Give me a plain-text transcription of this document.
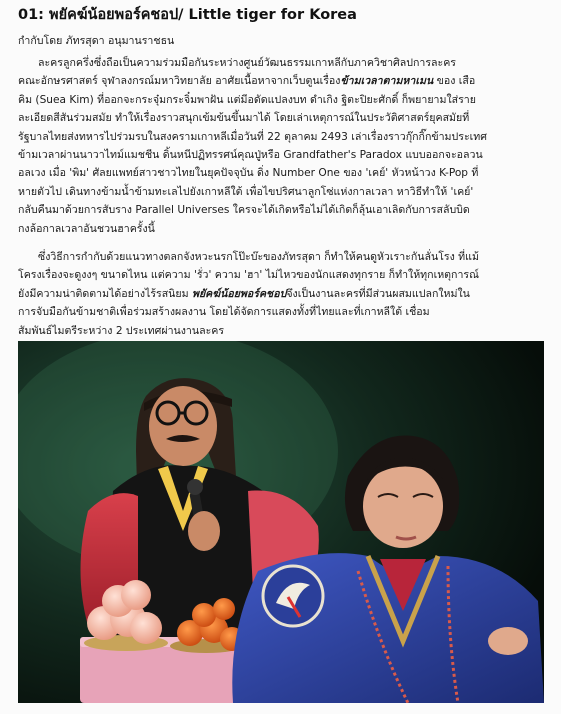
01: พยัคฆ์น้อยพอร์คชอป/ Little tiger for Korea
กำกับโดย ภัทรสุดา อนุมานราชธน

ละครลูกครึ่งซึ่งถือเป็นความร่วมมือกันระหว่างศูนย์วัฒนธรรมเกาหลีกับภาควิชาศิลปการละคร
คณะอักษรศาสตร์ จุฬาลงกรณ์มหาวิทยาลัย อาศัยเนื้อหาจากเว็บตูนเรื่องข้ามเวลาตามหาเมน ของ เสือ
คิม (Suea Kim) ที่ออกจะกระจุ๋มกระจิ๋มพาฝัน แต่มีอดัดแปลงบท ดำเกิง ฐิตะปิยะศักดิ์ ก็พยายามใส่ราย
ละเอียดสีสันร่วมสมัย ทำให้เรื่องราวสนุกเข้มข้นขึ้นมาได้ โดยเล่าเหตุการณ์ในประวัติศาสตร์ยุคสมัยที่
รัฐบาลไทยส่งทหารไปร่วมรบในสงครามเกาหลีเมื่อวันที่ 22 ตุลาคม 2493 เล่าเรื่องราวกุ๊กกิ๊กข้ามประเทศ
ข้ามเวลาผ่านนาวาไทม์แมชชีน ดิ้นหนีปฏิทรรศน์คุณปู่หรือ Grandfather's Paradox แบบออกจะอลวน
อลเวง เมื่อ 'พิม' ศัลยแพทย์สาวชาวไทยในยุคปัจจุบัน ดิ่ง Number One ของ 'เคย์' หัวหน้าวง K-Pop ที่
หายตัวไป เดินทางข้ามน้ำข้ามทะเลไปยังเกาหลีใต้ เพื่อไขปริศนาลูกโซ่แห่งกาลเวลา หาวิธีทำให้ 'เคย์'
กลับคืนมาด้วยการสับราง Parallel Universes ใครจะได้เกิดหรือไม่ได้เกิดก็ลุ้นเอาเลิดกับการสลับบิด
กงล้อกาลเวลาอันชวนฮาครั้งนี้

ซึ่งวิธีการกำกับด้วยแนวทางตลกจังหวะนรกโป๊ะบ๊ะของภัทรสุดา ก็ทำให้คนดูหัวเราะกันลั่นโรง ที่แม้
โครงเรื่องจะดูงงๆ ขนาดไหน แต่ความ 'รั่ว' ความ 'ฮา' ไม่ไหวของนักแสดงทุกราย ก็ทำให้ทุกเหตุการณ์
ยังมีความน่าติดตามได้อย่างไร้รสนิยม พยัคฆ์น้อยพอร์คชอปจึงเป็นงานละครที่มีส่วนผสมแปลกใหม่ใน
การจับมือกันข้ามชาติเพื่อร่วมสร้างผลงาน โดยได้จัดการแสดงทั้งที่ไทยและที่เกาหลีใต้ เชื่อม
สัมพันธ์ไมตรีระหว่าง 2 ประเทศผ่านงานละคร
